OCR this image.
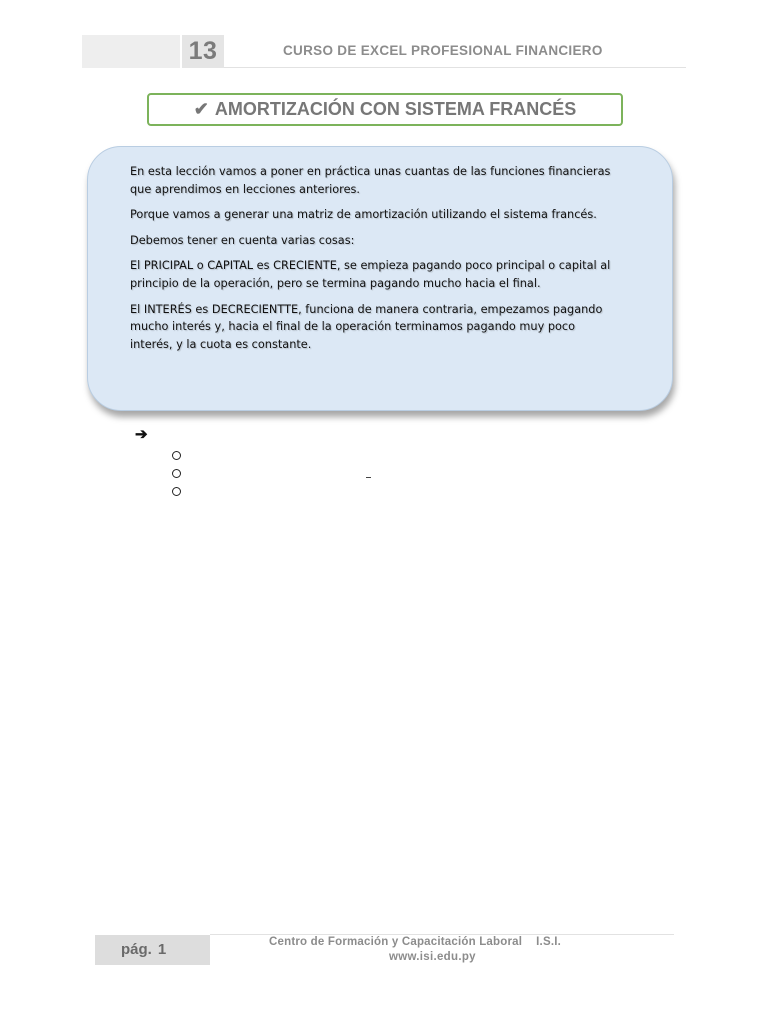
13	CURSO DE EXCEL PROFESIONAL FINANCIERO
✔ AMORTIZACIÓN CON SISTEMA FRANCÉS

En esta lección vamos a poner en práctica unas cuantas de las funciones financieras que aprendimos en lecciones anteriores.

Porque vamos a generar una matriz de amortización utilizando el sistema francés.

Debemos tener en cuenta varias cosas:

El PRICIPAL o CAPITAL es CRECIENTE, se empieza pagando poco principal o capital al principio de la operación, pero se termina pagando mucho hacia el final.

El INTERÉS es DECRECIENTTE, funciona de manera contraria, empezamos pagando mucho interés y, hacia el final de la operación terminamos pagando muy poco interés, y la cuota es constante.

➔
pág. 1	Centro de Formación y Capacitación Laboral I.S.I.
www.isi.edu.py
